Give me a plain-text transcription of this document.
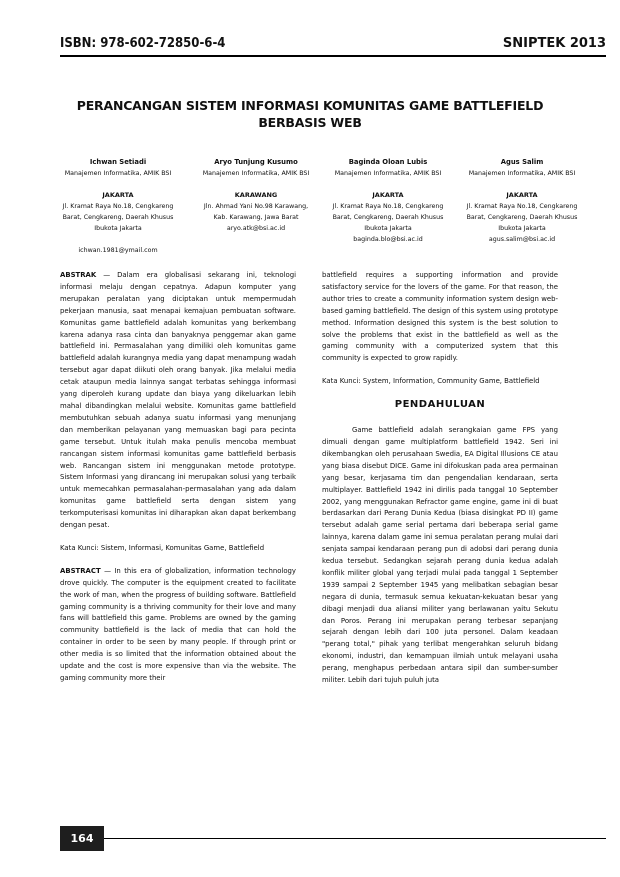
ISBN: 978-602-72850-6-4	SNIPTEK 2013
PERANCANGAN SISTEM INFORMASI KOMUNITAS GAME BATTLEFIELD
BERBASIS WEB
Ichwan Setiadi
Manajemen Informatika, AMIK BSI
JAKARTA
Jl. Kramat Raya No.18, Cengkareng
Barat, Cengkareng, Daerah Khusus
Ibukota Jakarta
ichwan.1981@ymail.com
Aryo Tunjung Kusumo
Manajemen Informatika, AMIK BSI
KARAWANG
Jln. Ahmad Yani No.98 Karawang,
Kab. Karawang, Jawa Barat
aryo.atk@bsi.ac.id
Baginda Oloan Lubis
Manajemen Informatika, AMIK BSI
JAKARTA
Jl. Kramat Raya No.18, Cengkareng
Barat, Cengkareng, Daerah Khusus
Ibukota Jakarta
baginda.blo@bsi.ac.id
Agus Salim
Manajemen Informatika, AMIK BSI
JAKARTA
Jl. Kramat Raya No.18, Cengkareng
Barat, Cengkareng, Daerah Khusus
Ibukota Jakarta
agus.salim@bsi.ac.id

ABSTRAK — Dalam era globalisasi sekarang ini, teknologi informasi melaju dengan cepatnya. Adapun komputer yang merupakan peralatan yang diciptakan untuk mempermudah pekerjaan manusia, saat menapai kemajuan pembuatan software. Komunitas game battlefield adalah komunitas yang berkembang karena adanya rasa cinta dan banyaknya penggemar akan game battlefield ini. Permasalahan yang dimiliki oleh komunitas game battlefield adalah kurangnya media yang dapat menampung wadah tersebut agar dapat diikuti oleh orang banyak. Jika melalui media cetak ataupun media lainnya sangat terbatas sehingga informasi yang diperoleh kurang update dan biaya yang dikeluarkan lebih mahal dibandingkan melalui website. Komunitas game battlefield membutuhkan sebuah adanya suatu informasi yang menunjang dan memberikan pelayanan yang memuaskan bagi para pecinta game tersebut. Untuk itulah maka penulis mencoba membuat rancangan sistem informasi komunitas game battlefield berbasis web. Rancangan sistem ini menggunakan metode prototype. Sistem Informasi yang dirancang ini merupakan solusi yang terbaik untuk memecahkan permasalahan-permasalahan yang ada dalam komunitas game battlefield serta dengan sistem yang terkomputerisasi komunitas ini diharapkan akan dapat berkembang dengan pesat.

Kata Kunci: Sistem, Informasi, Komunitas Game, Battlefield

ABSTRACT — In this era of globalization, information technology drove quickly. The computer is the equipment created to facilitate the work of man, when the progress of building software. Battlefield gaming community is a thriving community for their love and many fans will battlefield this game. Problems are owned by the gaming community battlefield is the lack of media that can hold the container in order to be seen by many people. If through print or other media is so limited that the information obtained about the update and the cost is more expensive than via the website. The gaming community more their

battlefield requires a supporting information and provide satisfactory service for the lovers of the game. For that reason, the author tries to create a community information system design web-based gaming battlefield. The design of this system using prototype method. Information designed this system is the best solution to solve the problems that exist in the battlefield as well as the gaming community with a computerized system that this community is expected to grow rapidly.

Kata Kunci: System, Information, Community Game, Battlefield

PENDAHULUAN

Game battlefield adalah serangkaian game FPS yang dimuali dengan game multiplatform battlefield 1942. Seri ini dikembangkan oleh perusahaan Swedia, EA Digital Illusions CE atau yang biasa disebut DICE. Game ini difokuskan pada area permainan yang besar, kerjasama tim dan pengendalian kendaraan, serta multiplayer. Battlefield 1942 ini dirilis pada tanggal 10 September 2002, yang menggunakan Refractor game engine, game ini di buat berdasarkan dari Perang Dunia Kedua (biasa disingkat PD II) game tersebut adalah game serial pertama dari beberapa serial game lainnya, karena dalam game ini semua peralatan perang mulai dari senjata sampai kendaraan perang pun di adobsi dari perang dunia kedua tersebut. Sedangkan sejarah perang dunia kedua adalah konflik militer global yang terjadi mulai pada tanggal 1 September 1939 sampai 2 September 1945 yang melibatkan sebagian besar negara di dunia, termasuk semua kekuatan-kekuatan besar yang dibagi menjadi dua aliansi militer yang berlawanan yaitu Sekutu dan Poros. Perang ini merupakan perang terbesar sepanjang sejarah dengan lebih dari 100 juta personel. Dalam keadaan "perang total," pihak yang terlibat mengerahkan seluruh bidang ekonomi, industri, dan kemampuan ilmiah untuk melayani usaha perang, menghapus perbedaan antara sipil dan sumber-sumber militer. Lebih dari tujuh puluh juta

164
